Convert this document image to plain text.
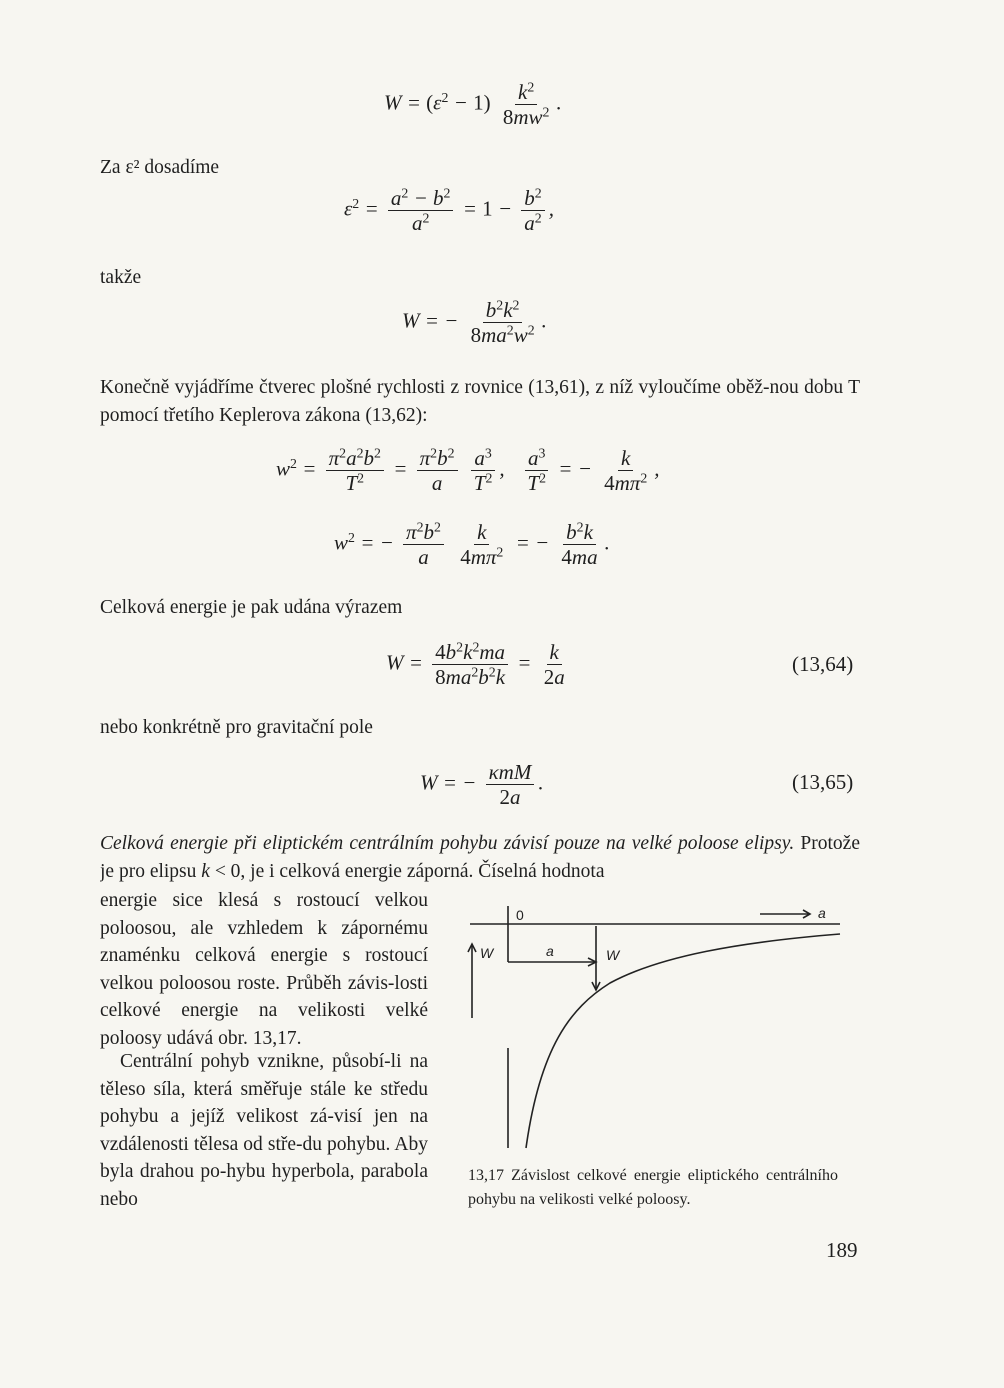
$W = (\varepsilon^2 - 1) \frac{k^2}{8mw^2}$ .
Za ε² dosadíme
$\varepsilon^2 = \frac{a^2 - b^2}{a^2} = 1 - \frac{b^2}{a^2}$ ,
takže
W = − $\frac{b^2k^2}{8ma^2w^2}$ .
Konečně vyjádříme čtverec plošné rychlosti z rovnice (13,61), z níž vyloučíme oběž-nou dobu T pomocí třetího Keplerova zákona (13,62):
$w^2 = \frac{\pi^2a^2b^2}{T^2} = \frac{\pi^2b^2}{a}$
$\frac{a^3}{T^2}$ , $\frac{a^3}{T^2}$ = − $\frac{k}{4m\pi^2}$ ,
$w^2$ = − $\frac{\pi^2b^2}{a}$
$\frac{k}{4m\pi^2}$ = − $\frac{b^2k}{4ma}$ .
Celková energie je pak udána výrazem
$W = \frac{4b^2k^2ma}{8ma^2b^2k} = \frac{k}{2a}$	(13,64)
nebo konkrétně pro gravitační pole
W = − $\frac{\text{κmM}}{2a}$ .	(13,65)
Celková energie při eliptickém centrálním pohybu závisí pouze na velké poloose elipsy. Protože je pro elipsu k < 0, je i celková energie záporná. Číselná hodnota
energie sice klesá s rostoucí velkou poloosou, ale vzhledem k zápornému znaménku celková energie s rostoucí velkou poloosou roste. Průběh závis-losti celkové energie na velikosti velké poloosy udává obr. 13,17.
Centrální pohyb vznikne, působí-li na těleso síla, která směřuje stále ke středu pohybu a jejíž velikost zá-visí jen na vzdálenosti tělesa od stře-du pohybu. Aby byla drahou po-hybu hyperbola, parabola nebo
0	a
W	a	W
13,17 Závislost celkové energie eliptického centrálního pohybu na velikosti velké poloosy.
189
